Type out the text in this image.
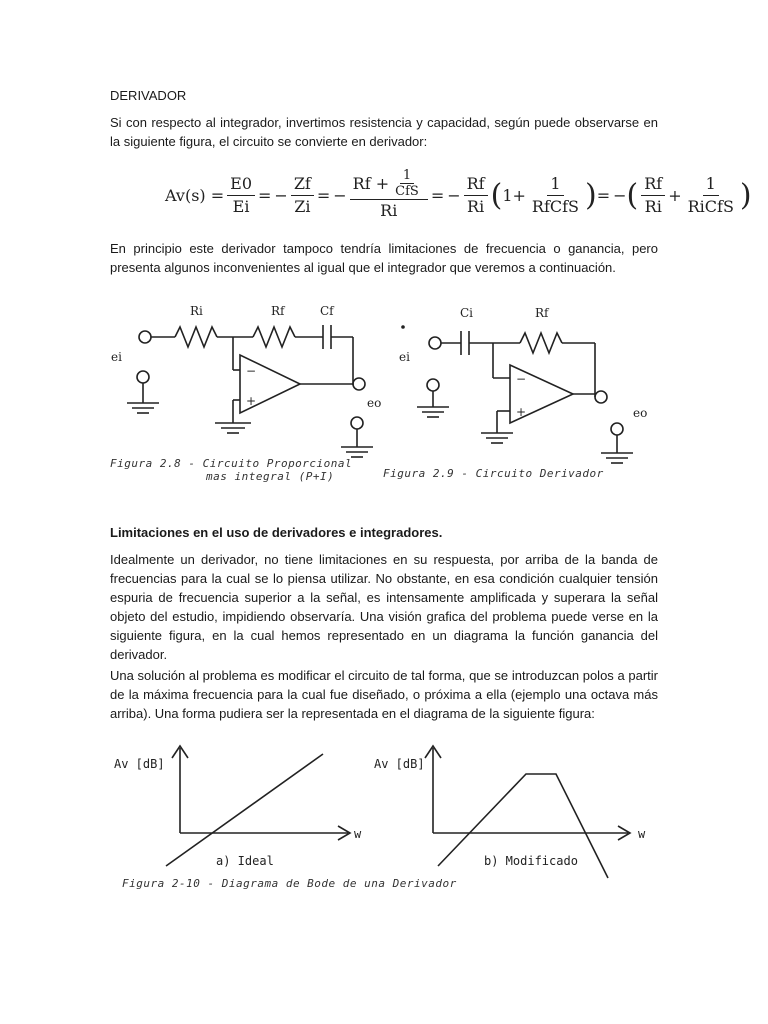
DERIVADOR
Si con respecto al integrador, invertimos resistencia y capacidad, según puede observarse en la siguiente figura, el circuito se convierte en derivador:
$Av(s) = \frac{E0}{Ei}$ = − $\frac{Zf}{Zi}$ = − $\frac{Rf + \frac{1}{\text{CfS}}}{Ri}$ = − $\frac{Rf}{Ri}$ ( $1+ \frac{1}{\text{RfCfS}}$ ) = − ( $\frac{Rf}{Ri} + \frac{1}{\text{RiCfS}}$ )
En principio este derivador tampoco tendría limitaciones de frecuencia o ganancia, pero presenta algunos inconvenientes al igual que el integrador que veremos a continuación.
Ri	Rf	Cf
ei
eo
−
+
Ci	Rf
ei
eo
−
+
Figura 2.8 - Circuito Proporcional
mas integral (P+I)	Figura 2.9 - Circuito Derivador
Limitaciones en el uso de derivadores e integradores.
Idealmente un derivador, no tiene limitaciones en su respuesta, por arriba de la banda de frecuencias para la cual se lo piensa utilizar. No obstante, en esa condición cualquier tensión espuria de frecuencia superior a la señal, es intensamente amplificada y superara la señal objeto del estudio, impidiendo observaría. Una visión grafica del problema puede verse en la siguiente figura, en la cual hemos representado en un diagrama la función ganancia del derivador.
Una solución al problema es modificar el circuito de tal forma, que se introduzcan polos a partir de la máxima frecuencia para la cual fue diseñado, o próxima a ella (ejemplo una octava más arriba). Una forma pudiera ser la representada en el diagrama de la siguiente figura:
Av [dB]
w
a) Ideal
Av [dB]
w
b) Modificado
Figura 2-10 - Diagrama de Bode de una Derivador
